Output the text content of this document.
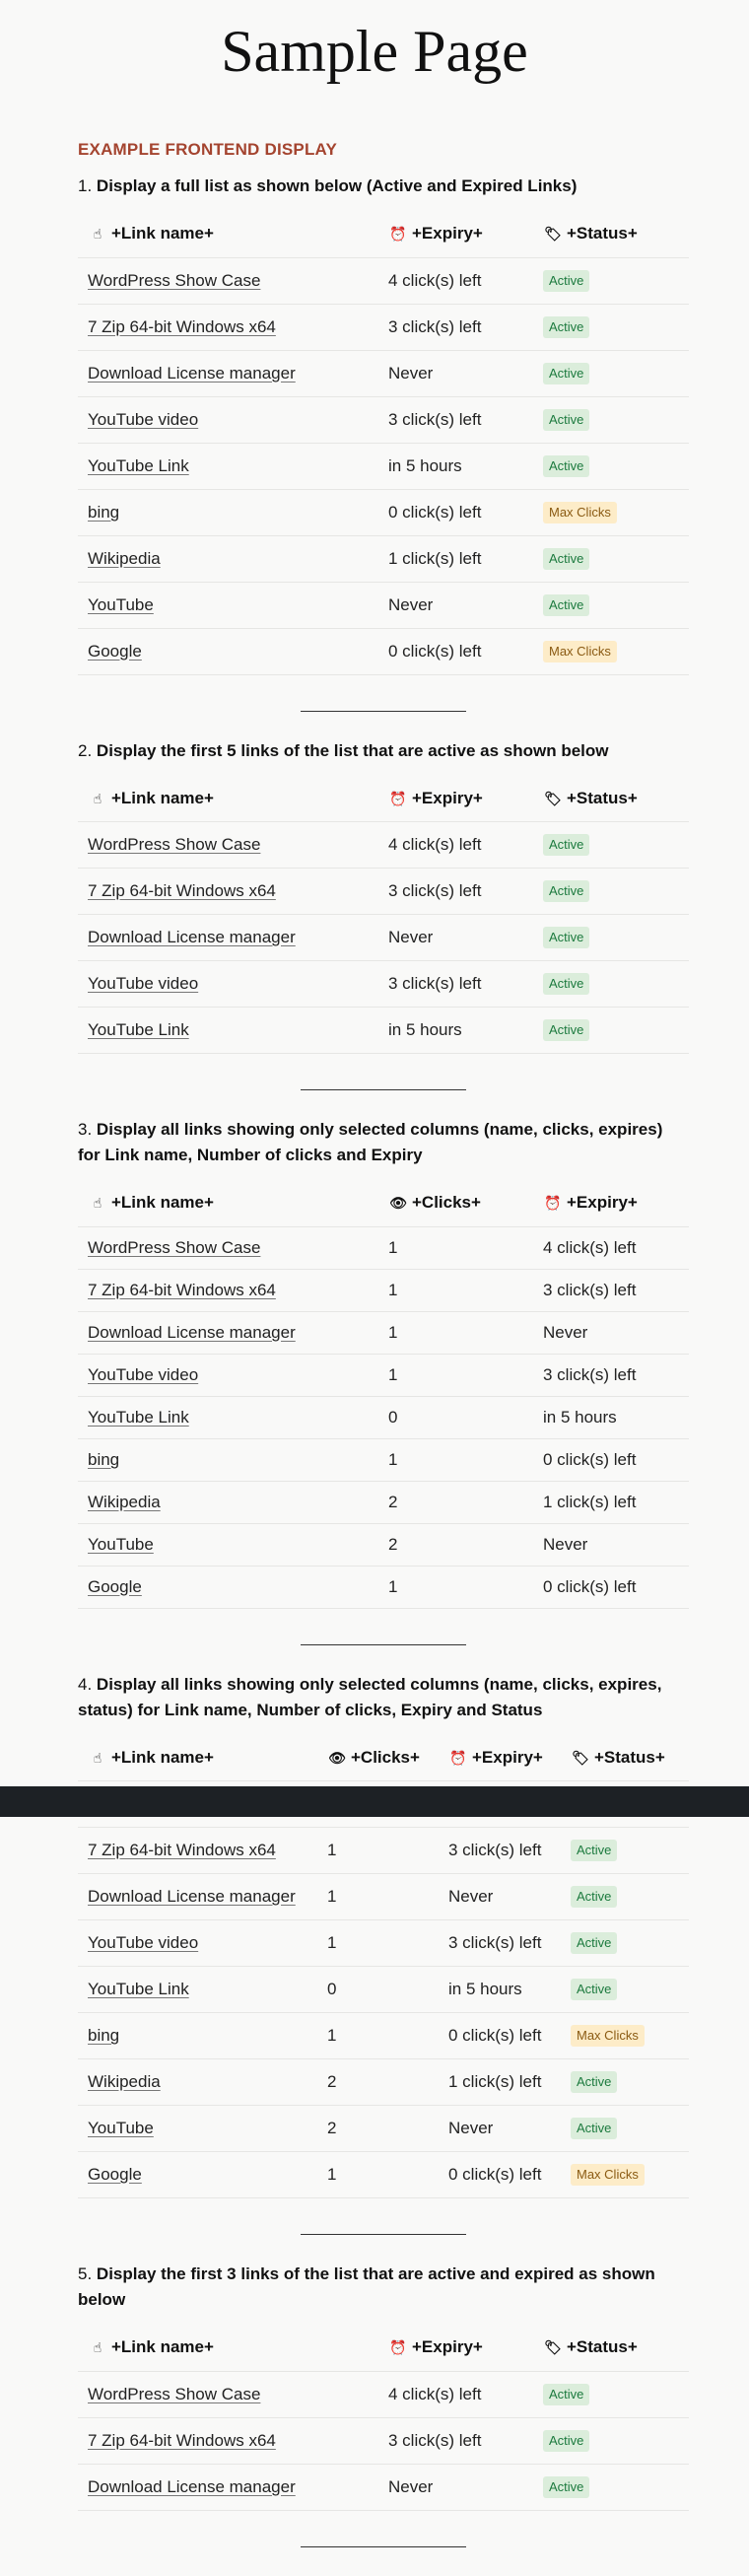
Sample Page
EXAMPLE FRONTEND DISPLAY
1. Display a full list as shown below (Active and Expired Links)
☝ +Link name+	⏰ +Expiry+	🏷 +Status+
WordPress Show Case	4 click(s) left	Active
7 Zip 64-bit Windows x64	3 click(s) left	Active
Download License manager	Never	Active
YouTube video	3 click(s) left	Active
YouTube Link	in 5 hours	Active
bing	0 click(s) left	Max Clicks
Wikipedia	1 click(s) left	Active
YouTube	Never	Active
Google	0 click(s) left	Max Clicks
2. Display the first 5 links of the list that are active as shown below
☝ +Link name+	⏰ +Expiry+	🏷 +Status+
WordPress Show Case	4 click(s) left	Active
7 Zip 64-bit Windows x64	3 click(s) left	Active
Download License manager	Never	Active
YouTube video	3 click(s) left	Active
YouTube Link	in 5 hours	Active
3. Display all links showing only selected columns (name, clicks, expires) for Link name, Number of clicks and Expiry
☝ +Link name+	👁 +Clicks+	⏰ +Expiry+
WordPress Show Case	1	4 click(s) left
7 Zip 64-bit Windows x64	1	3 click(s) left
Download License manager	1	Never
YouTube video	1	3 click(s) left
YouTube Link	0	in 5 hours
bing	1	0 click(s) left
Wikipedia	2	1 click(s) left
YouTube	2	Never
Google	1	0 click(s) left
4. Display all links showing only selected columns (name, clicks, expires, status) for Link name, Number of clicks, Expiry and Status
☝ +Link name+	👁 +Clicks+	⏰ +Expiry+	🏷 +Status+

7 Zip 64-bit Windows x64	1	3 click(s) left	Active
Download License manager	1	Never	Active
YouTube video	1	3 click(s) left	Active
YouTube Link	0	in 5 hours	Active
bing	1	0 click(s) left	Max Clicks
Wikipedia	2	1 click(s) left	Active
YouTube	2	Never	Active
Google	1	0 click(s) left	Max Clicks
5. Display the first 3 links of the list that are active and expired as shown below
☝ +Link name+	⏰ +Expiry+	🏷 +Status+
WordPress Show Case	4 click(s) left	Active
7 Zip 64-bit Windows x64	3 click(s) left	Active
Download License manager	Never	Active
